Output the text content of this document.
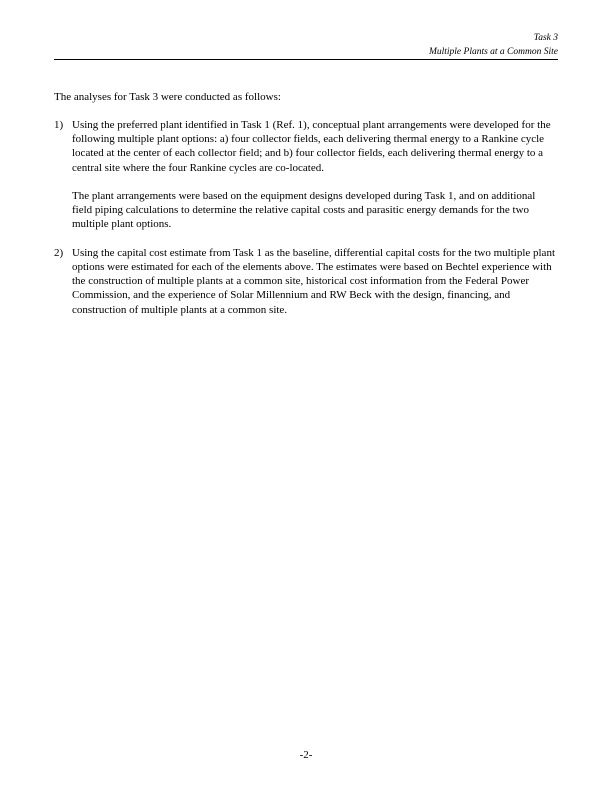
Task 3
Multiple Plants at a Common Site

The analyses for Task 3 were conducted as follows:

1) Using the preferred plant identified in Task 1 (Ref. 1), conceptual plant arrangements were developed for the following multiple plant options: a) four collector fields, each delivering thermal energy to a Rankine cycle located at the center of each collector field; and b) four collector fields, each delivering thermal energy to a central site where the four Rankine cycles are co-located.

The plant arrangements were based on the equipment designs developed during Task 1, and on additional field piping calculations to determine the relative capital costs and parasitic energy demands for the two multiple plant options.

2) Using the capital cost estimate from Task 1 as the baseline, differential capital costs for the two multiple plant options were estimated for each of the elements above. The estimates were based on Bechtel experience with the construction of multiple plants at a common site, historical cost information from the Federal Power Commission, and the experience of Solar Millennium and RW Beck with the design, financing, and construction of multiple plants at a common site.

-2-
